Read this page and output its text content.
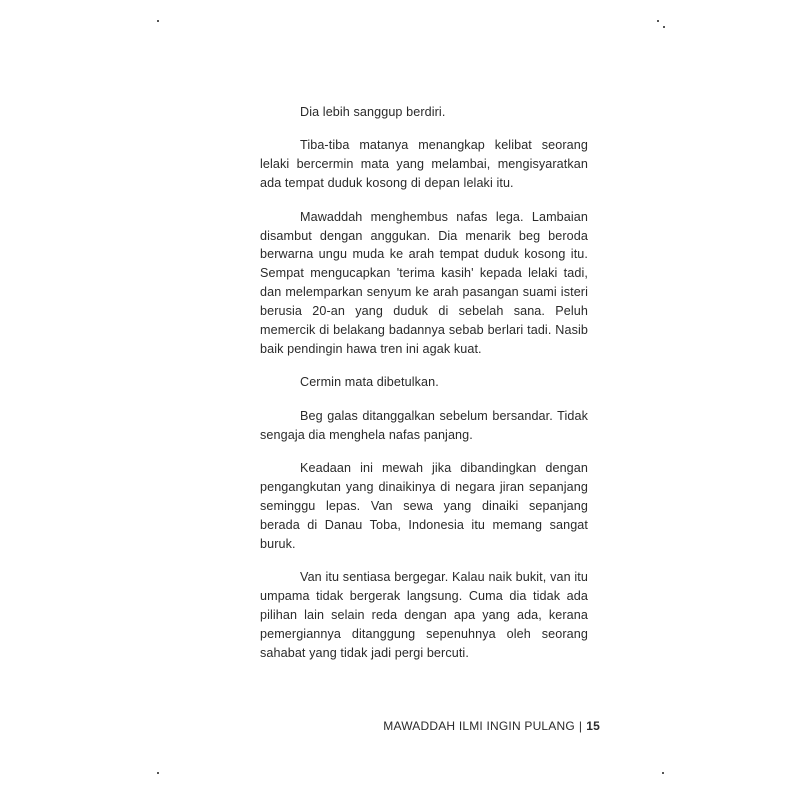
Dia lebih sanggup berdiri.

Tiba-tiba matanya menangkap kelibat seorang lelaki bercermin mata yang melambai, mengisyaratkan ada tempat duduk kosong di depan lelaki itu.

Mawaddah menghembus nafas lega. Lambaian disambut dengan anggukan. Dia menarik beg beroda berwarna ungu muda ke arah tempat duduk kosong itu. Sempat mengucapkan 'terima kasih' kepada lelaki tadi, dan melemparkan senyum ke arah pasangan suami isteri berusia 20-an yang duduk di sebelah sana. Peluh memercik di belakang badannya sebab berlari tadi. Nasib baik pendingin hawa tren ini agak kuat.

Cermin mata dibetulkan.

Beg galas ditanggalkan sebelum bersandar. Tidak sengaja dia menghela nafas panjang.

Keadaan ini mewah jika dibandingkan dengan pengangkutan yang dinaikinya di negara jiran sepanjang seminggu lepas. Van sewa yang dinaiki sepanjang berada di Danau Toba, Indonesia itu memang sangat buruk.

Van itu sentiasa bergegar. Kalau naik bukit, van itu umpama tidak bergerak langsung. Cuma dia tidak ada pilihan lain selain reda dengan apa yang ada, kerana pemergiannya ditanggung sepenuhnya oleh seorang sahabat yang tidak jadi pergi bercuti.

MAWADDAH ILMI INGIN PULANG | 15
